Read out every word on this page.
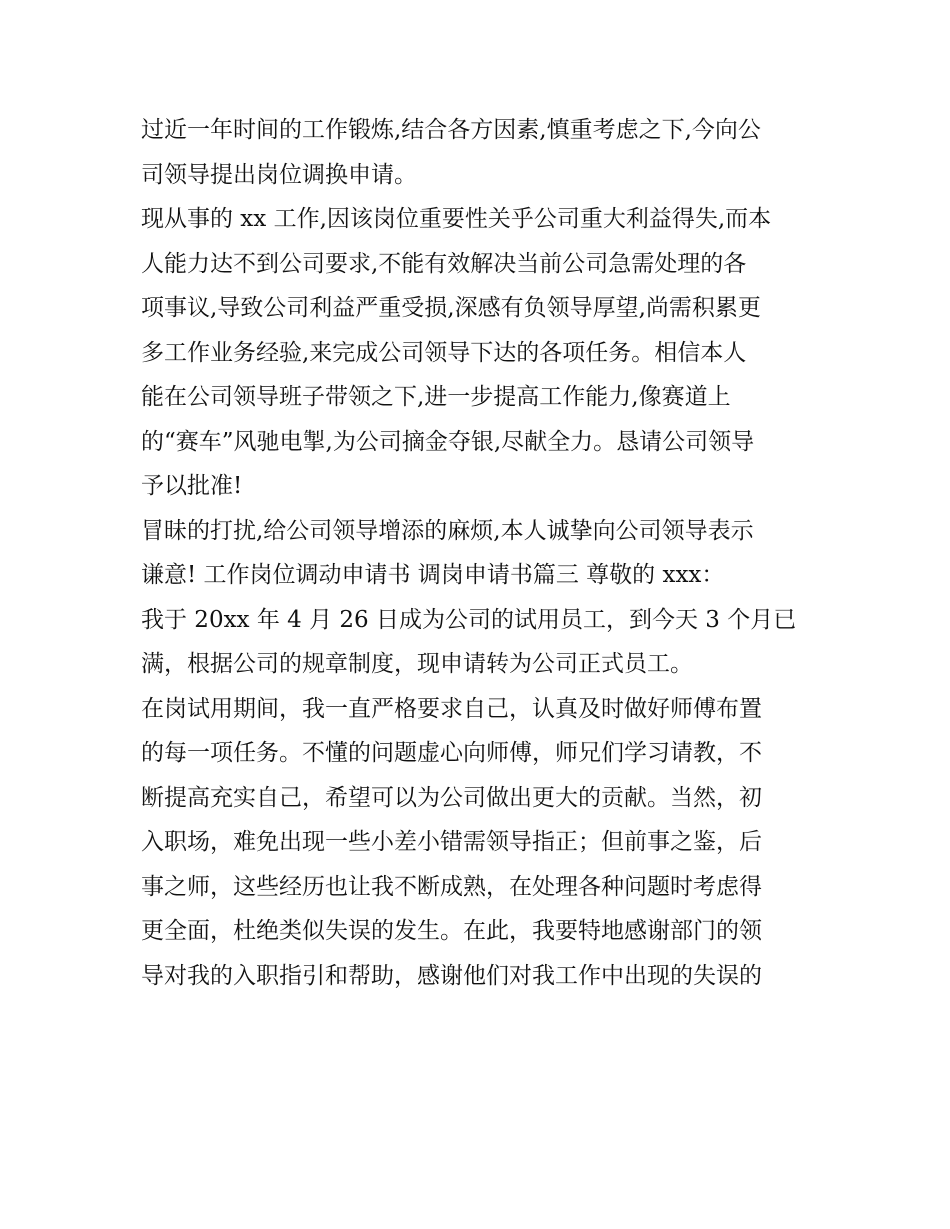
过近一年时间的工作锻炼,结合各方因素,慎重考虑之下,今向公
司领导提出岗位调换申请。
现从事的 xx 工作,因该岗位重要性关乎公司重大利益得失,而本
人能力达不到公司要求,不能有效解决当前公司急需处理的各
项事议,导致公司利益严重受损,深感有负领导厚望,尚需积累更
多工作业务经验,来完成公司领导下达的各项任务。相信本人
能在公司领导班子带领之下,进一步提高工作能力,像赛道上
的“赛车”风驰电掣,为公司摘金夺银,尽献全力。恳请公司领导
予以批准!
冒昧的打扰,给公司领导增添的麻烦,本人诚挚向公司领导表示
谦意! 工作岗位调动申请书 调岗申请书篇三 尊敬的 xxx：
我于 20xx 年 4 月 26 日成为公司的试用员工，到今天 3 个月已
满，根据公司的规章制度，现申请转为公司正式员工。
在岗试用期间，我一直严格要求自己，认真及时做好师傅布置
的每一项任务。不懂的问题虚心向师傅，师兄们学习请教，不
断提高充实自己，希望可以为公司做出更大的贡献。当然，初
入职场，难免出现一些小差小错需领导指正；但前事之鉴，后
事之师，这些经历也让我不断成熟，在处理各种问题时考虑得
更全面，杜绝类似失误的发生。在此，我要特地感谢部门的领
导对我的入职指引和帮助，感谢他们对我工作中出现的失误的
